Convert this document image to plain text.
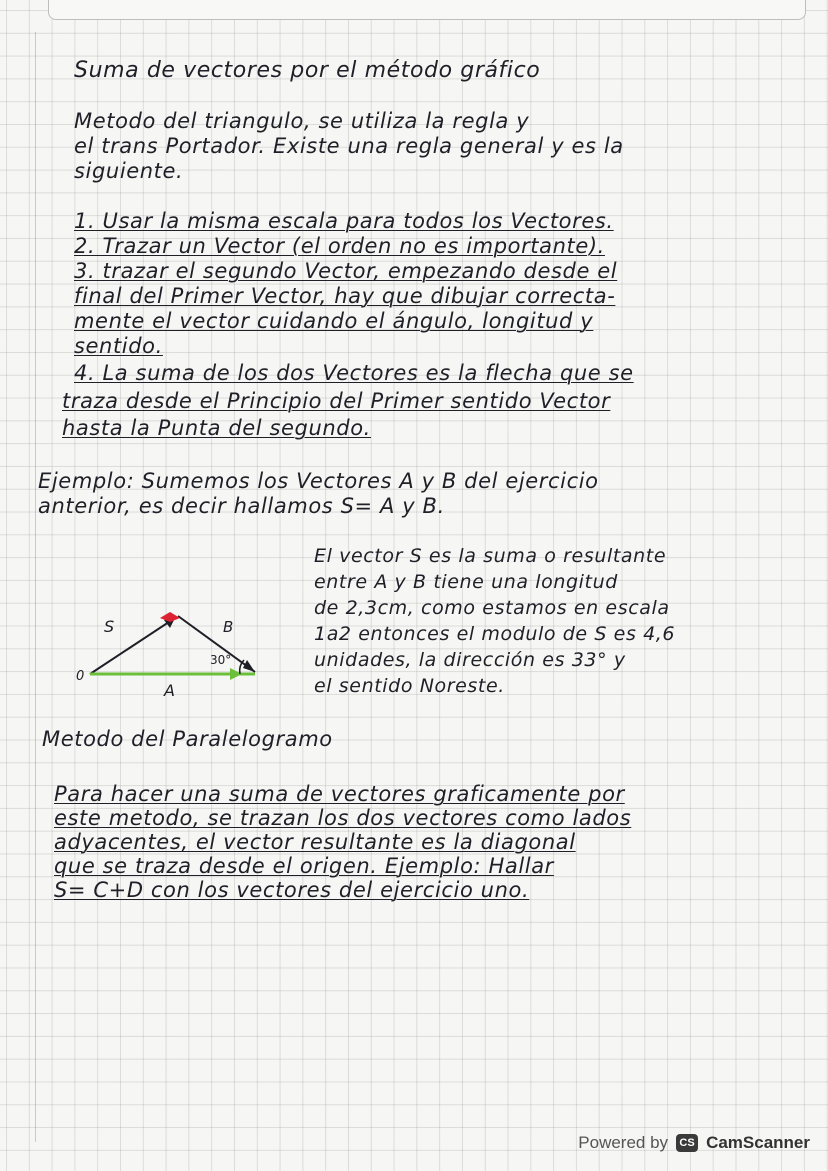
Suma de vectores por el método gráfico
Metodo del triangulo, se utiliza la regla y
el trans Portador. Existe una regla general y es la
siguiente.
1. Usar la misma escala para todos los Vectores.
2. Trazar un Vector (el orden no es importante).
3. trazar el segundo Vector, empezando desde el
final del Primer Vector, hay que dibujar correcta-
mente el vector cuidando el ángulo, longitud y
sentido.
4. La suma de los dos Vectores es la flecha que se
traza desde el Principio del Primer sentido Vector
hasta la Punta del segundo.
Ejemplo: Sumemos los Vectores A y B del ejercicio
anterior, es decir hallamos S= A y B.
El vector S es la suma o resultante
entre A y B tiene una longitud
de 2,3cm, como estamos en escala
1a2 entonces el modulo de S es 4,6
unidades, la dirección es 33° y
el sentido Noreste.
S	B
A
0
30°
Metodo del Paralelogramo
Para hacer una suma de vectores graficamente por
este metodo, se trazan los dos vectores como lados
adyacentes, el vector resultante es la diagonal
que se traza desde el origen. Ejemplo: Hallar
S= C+D con los vectores del ejercicio uno.
Powered by	CS CamScanner
